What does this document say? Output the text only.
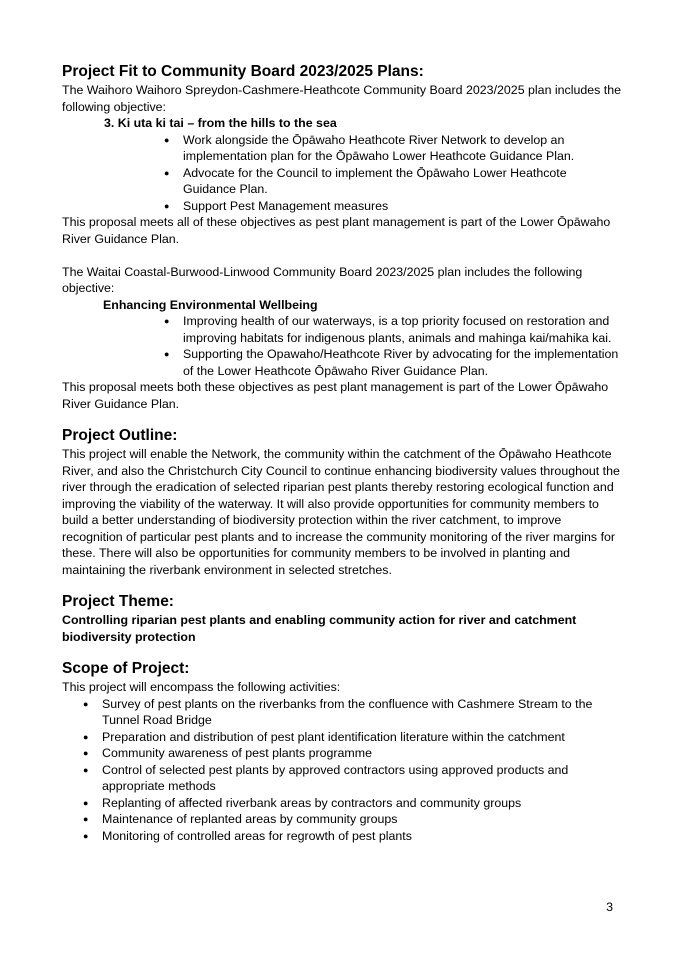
Project Fit to Community Board 2023/2025 Plans:

The Waihoro Waihoro Spreydon-Cashmere-Heathcote Community Board 2023/2025 plan includes the following objective:

3. Ki uta ki tai – from the hills to the sea

● Work alongside the Ōpāwaho Heathcote River Network to develop an implementation plan for the Ōpāwaho Lower Heathcote Guidance Plan.
● Advocate for the Council to implement the Ōpāwaho Lower Heathcote Guidance Plan.
● Support Pest Management measures

This proposal meets all of these objectives as pest plant management is part of the Lower Ōpāwaho River Guidance Plan.

The Waitai Coastal-Burwood-Linwood Community Board 2023/2025 plan includes the following objective:

Enhancing Environmental Wellbeing

● Improving health of our waterways, is a top priority focused on restoration and improving habitats for indigenous plants, animals and mahinga kai/mahika kai.
● Supporting the Opawaho/Heathcote River by advocating for the implementation of the Lower Heathcote Ōpāwaho River Guidance Plan.

This proposal meets both these objectives as pest plant management is part of the Lower Ōpāwaho River Guidance Plan.

Project Outline:

This project will enable the Network, the community within the catchment of the Ōpāwaho Heathcote River, and also the Christchurch City Council to continue enhancing biodiversity values throughout the river through the eradication of selected riparian pest plants thereby restoring ecological function and improving the viability of the waterway. It will also provide opportunities for community members to build a better understanding of biodiversity protection within the river catchment, to improve recognition of particular pest plants and to increase the community monitoring of the river margins for these. There will also be opportunities for community members to be involved in planting and maintaining the riverbank environment in selected stretches.

Project Theme:

Controlling riparian pest plants and enabling community action for river and catchment biodiversity protection

Scope of Project:

This project will encompass the following activities:

● Survey of pest plants on the riverbanks from the confluence with Cashmere Stream to the Tunnel Road Bridge
● Preparation and distribution of pest plant identification literature within the catchment
● Community awareness of pest plants programme
● Control of selected pest plants by approved contractors using approved products and appropriate methods
● Replanting of affected riverbank areas by contractors and community groups
● Maintenance of replanted areas by community groups
● Monitoring of controlled areas for regrowth of pest plants
3
